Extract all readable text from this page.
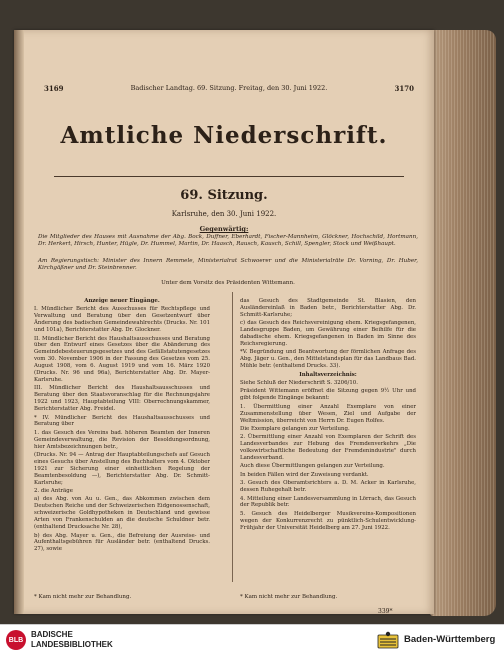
3169	Badischer Landtag. 69. Sitzung. Freitag, den 30. Juni 1922.	3170
Amtliche Niederschrift.
69. Sitzung.
Karlsruhe, den 30. Juni 1922.
Gegenwärtig:
Die Mitglieder des Hauses mit Ausnahme der Abg. Bock, Duffner, Eberhardt, Fischer-Mannheim, Glöckner, Hochschild, Hortmann, Dr. Herkert, Hirsch, Hunter, Hügle, Dr. Hummel, Martin, Dr. Haasch, Rausch, Kausch, Schill, Spengler, Stock und Weißhaupt.
Am Regierungstisch: Minister des Innern Remmele, Ministerialrat Schwoerer und die Ministerialräte Dr. Vorning, Dr. Huber, Kirchgäßner und Dr. Steinbrenner.
Unter dem Vorsitz des Präsidenten Wittemann.

Anzeige neuer Eingänge.

I. Mündlicher Bericht des Ausschusses für Rechtspflege und Verwaltung und Beratung über den Gesetzentwurf über Änderung des badischen Gemeindewahlrechts (Drucks. Nr. 101 und 101a), Berichterstatter Abg. Dr. Glockner.

II. Mündlicher Bericht des Haushaltsausschusses und Beratung über den Entwurf eines Gesetzes über die Abänderung des Gemeindebesteuerungsgesetzes und des Gefällstatutengesetzes vom 30. November 1906 in der Fassung des Gesetzes vom 25. August 1908, vom 6. August 1919 und vom 16. März 1920 (Drucks. Nr. 96 und 96a), Berichterstatter Abg. Dr. Mayer-Karlsruhe.

III. Mündlicher Bericht des Haushaltsausschusses und Beratung über den Staatsvoranschlag für die Rechnungsjahre 1922 und 1923, Hauptabteilung VIII: Oberrechnungskammer, Berichterstatter Abg. Freidel.

* IV. Mündlicher Bericht des Haushaltsausschusses und Beratung über

1. das Gesuch des Vereins bad. höheren Beamten der Inneren Gemeindeverwaltung, die Revision der Besoldungsordnung, hier Amtsbezeichnungen betr.,

(Drucks. Nr. 94 — Antrag der Hauptabteilungschefs auf Gesuch eines Gesuchs über Anstellung des Buchhalters vom 4. Oktober 1921 zur Sicherung einer einheitlichen Regelung der Beamtenbesoldung —), Berichterstatter Abg. Dr. Schmitt-Karlsruhe;

2. die Anträge

a) des Abg. von Au u. Gen., das Abkommen zwischen dem Deutschen Reiche und der Schweizerischen Eidgenossenschaft, schweizerische Goldhypotheken in Deutschland und gewisse Arten von Frankenschulden an die deutsche Schuldner betr. (enthaltend Drucksache Nr. 28),

b) des Abg. Mayer u. Gen., die Befreiung der Ausreise- und Aufenthaltsgebühren für Ausländer betr. (enthaltend Drucks. 27), sowie

das Gesuch des Stadtgemeinde St. Blasien, den Ausländereinlaß in Baden betr., Berichterstatter Abg. Dr. Schmitt-Karlsruhe;

c) das Gesuch des Reichsvereinigung ehem. Kriegsgefangenen, Landesgruppe Baden, um Gewährung einer Beihilfe für die dabadische ehem. Kriegsgefangenen in Baden im Sinne des Reichsregierung.

*V. Begründung und Beantwortung der förmlichen Anfrage des Abg. Jäger u. Gen., den Mittelstandsplan für das Landbaus Bad. Mühle betr. (enthaltend Drucks. 33).

Inhaltsverzeichnis:

Siehe Schluß der Niederschrift S. 3206/10.

Präsident Wittemann eröffnet die Sitzung gegen 9½ Uhr und gibt folgende Eingänge bekannt:

1. Übermittlung einer Anzahl Exemplare von einer Zusammenstellung über Wesen, Ziel und Aufgabe der Weltmission, überreicht von Herrn Dr. Eugen Rolfes.

Die Exemplare gelangen zur Verteilung.

2. Übermittlung einer Anzahl von Exemplaren der Schrift des Landesverbandes zur Hebung des Fremdenverkehrs „Die volkswirtschaftliche Bedeutung der Fremdenindustrie" durch Landesverband.

Auch diese Übermittlungen gelangen zur Verteilung.

In beiden Fällen wird der Zuweisung verdankt.

3. Gesuch des Oberamtsrichters a. D. M. Acker in Karlsruhe, dessen Ruhegehalt betr.

4. Mitteilung einer Landesversammlung in Lörrach, das Gesuch der Republik betr.

5. Gesuch des Heidelberger Musikvereins-Kompositionen wegen der Konkurrenzrecht zu pünktlich-Schulentwicklung-Frühjahr der Universität Heidelberg am 27. Juni 1922.

* Kam nicht mehr zur Behandlung.	* Kam nicht mehr zur Behandlung.
339*
BLB
BADISCHE
LANDESBIBLIOTHEK	Baden-Württemberg
